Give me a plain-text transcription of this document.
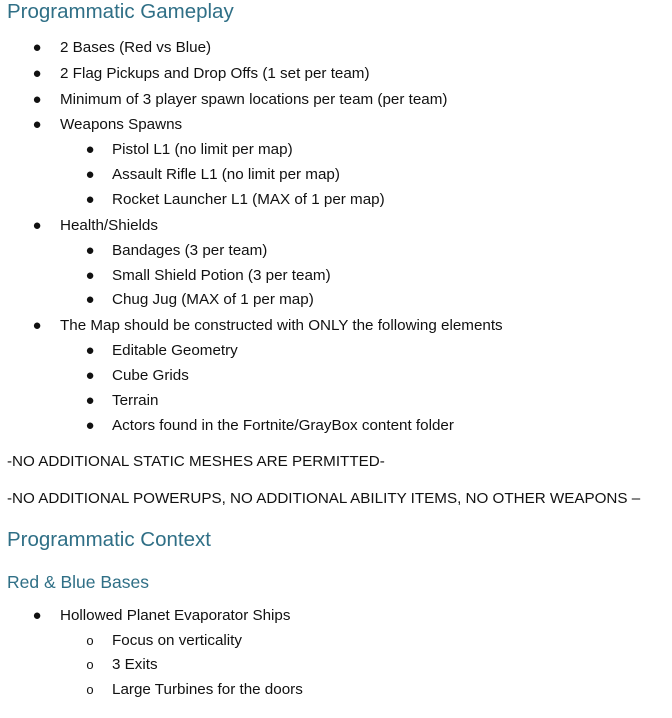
Programmatic Gameplay
● 2 Bases (Red vs Blue)
● 2 Flag Pickups and Drop Offs (1 set per team)
● Minimum of 3 player spawn locations per team (per team)
● Weapons Spawns
● Pistol L1 (no limit per map)
● Assault Rifle L1 (no limit per map)
● Rocket Launcher L1 (MAX of 1 per map)
● Health/Shields
● Bandages (3 per team)
● Small Shield Potion (3 per team)
● Chug Jug (MAX of 1 per map)
● The Map should be constructed with ONLY the following elements
● Editable Geometry
● Cube Grids
● Terrain
● Actors found in the Fortnite/GrayBox content folder
-NO ADDITIONAL STATIC MESHES ARE PERMITTED-
-NO ADDITIONAL POWERUPS, NO ADDITIONAL ABILITY ITEMS, NO OTHER WEAPONS –
Programmatic Context
Red & Blue Bases
● Hollowed Planet Evaporator Ships
o Focus on verticality
o 3 Exits
o Large Turbines for the doors
